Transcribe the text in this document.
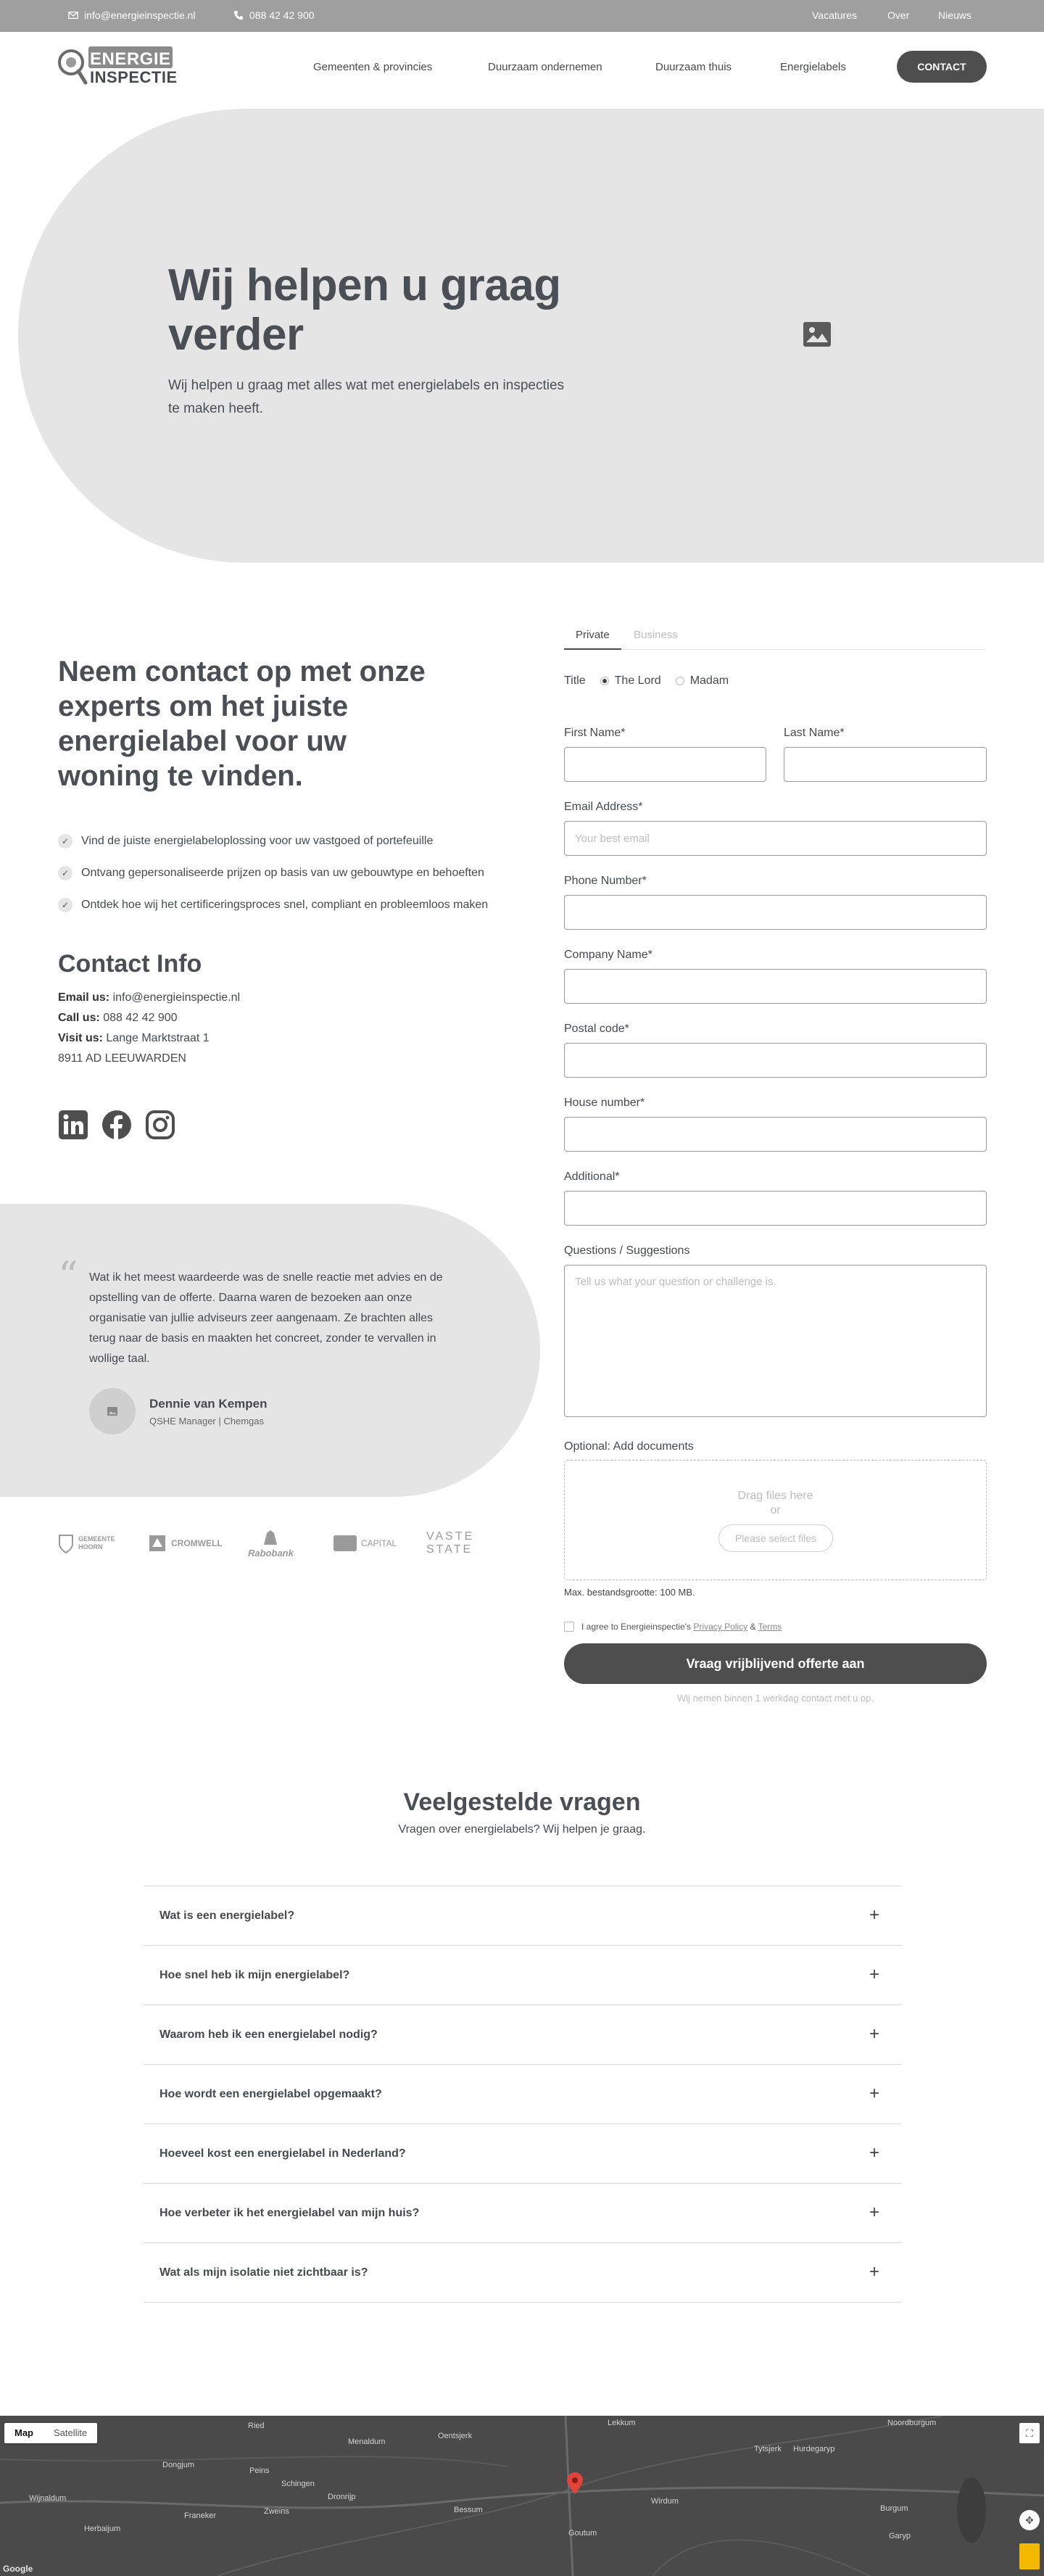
info@energieinspectie.nl	088 42 42 900	Vacatures	Over	Nieuws
ENERGIE
INSPECTIE
Gemeenten & provincies	Duurzaam ondernemen	Duurzaam thuis	Energielabels	CONTACT
Wij helpen u graag verder

Wij helpen u graag met alles wat met energielabels en inspecties te maken heeft.

Neem contact op met onze experts om het juiste energielabel voor uw woning te vinden.
✓	Vind de juiste energielabeloplossing voor uw vastgoed of portefeuille
✓	Ontvang gepersonaliseerde prijzen op basis van uw gebouwtype en behoeften
✓	Ontdek hoe wij het certificeringsproces snel, compliant en probleemloos maken
Contact Info
Email us: info@energieinspectie.nl
Call us: 088 42 42 900
Visit us: Lange Marktstraat 1
8911 AD LEEUWARDEN
“ Wat ik het meest waardeerde was de snelle reactie met advies en de opstelling van de offerte. Daarna waren de bezoeken aan onze organisatie van jullie adviseurs zeer aangenaam. Ze brachten alles terug naar de basis en maakten het concreet, zonder te vervallen in wollige taal.

Dennie van Kempen
QSHE Manager | Chemgas
GEMEENTE HOORN	CROMWELL
Rabobank
CAPITAL
VASTE STATE
Private	Business
Title	The Lord	Madam
First Name*	Last Name*
Email Address*
Your best email
Phone Number*
Company Name*
Postal code*
House number*
Additional*
Questions / Suggestions
Tell us what your question or challenge is.
Optional: Add documents
Drag files here
or
Please select files
Max. bestandsgrootte: 100 MB.
I agree to Energieinspectie's Privacy Policy & Terms
Vraag vrijblijvend offerte aan
Wij nemen binnen 1 werkdag contact met u op.
Veelgestelde vragen

Vragen over energielabels? Wij helpen je graag.

Wat is een energielabel?	+
Hoe snel heb ik mijn energielabel?	+
Waarom heb ik een energielabel nodig?	+
Hoe wordt een energielabel opgemaakt?	+
Hoeveel kost een energielabel in Nederland?	+
Hoe verbeter ik het energielabel van mijn huis?	+
Wat als mijn isolatie niet zichtbaar is?	+
Map	Satellite
Ried	Lekkum	Noordburgum
Menaldum
Oentsjerk
Tytsjerk Hurdegaryp
Dongjum
Peins
Schingen
Wijnaldum
Franeker
Dronrijp
Zweins
Herbaijum
Bessum
Goutum
Wirdum
Burgum
Garyp
Google
⛶
✥
